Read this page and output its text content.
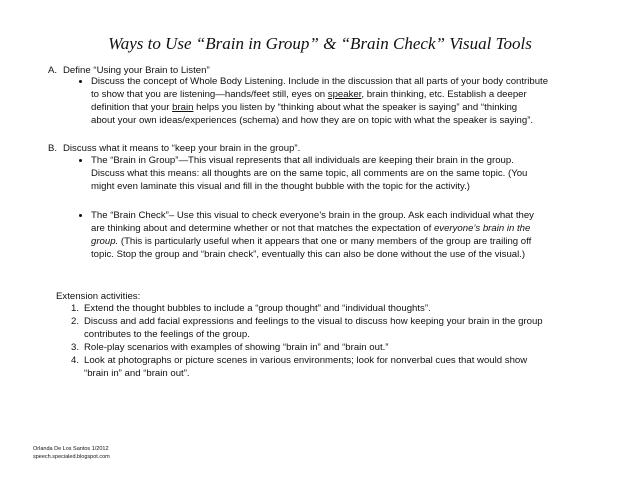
Ways to Use “Brain in Group” & “Brain Check” Visual Tools
A. Define “Using your Brain to Listen”
Discuss the concept of Whole Body Listening. Include in the discussion that all parts of your body contribute
to show that you are listening—hands/feet still, eyes on speaker, brain thinking, etc. Establish a deeper
definition that your brain helps you listen by “thinking about what the speaker is saying” and “thinking
about your own ideas/experiences (schema) and how they are on topic with what the speaker is saying”.
B. Discuss what it means to “keep your brain in the group”.
The “Brain in Group”—This visual represents that all individuals are keeping their brain in the group.
Discuss what this means: all thoughts are on the same topic, all comments are on the same topic. (You
might even laminate this visual and fill in the thought bubble with the topic for the activity.)
The “Brain Check”– Use this visual to check everyone’s brain in the group. Ask each individual what they
are thinking about and determine whether or not that matches the expectation of everyone’s brain in the
group. (This is particularly useful when it appears that one or many members of the group are trailing off
topic. Stop the group and “brain check”, eventually this can also be done without the use of the visual.)
Extension activities:
1. Extend the thought bubbles to include a “group thought” and “individual thoughts”.
2. Discuss and add facial expressions and feelings to the visual to discuss how keeping your brain in the group
contributes to the feelings of the group.
3. Role-play scenarios with examples of showing “brain in” and “brain out.”
4. Look at photographs or picture scenes in various environments; look for nonverbal cues that would show
“brain in” and “brain out”.
Orlanda De Los Santos 1/2012
speech.specialed.blogspot.com
